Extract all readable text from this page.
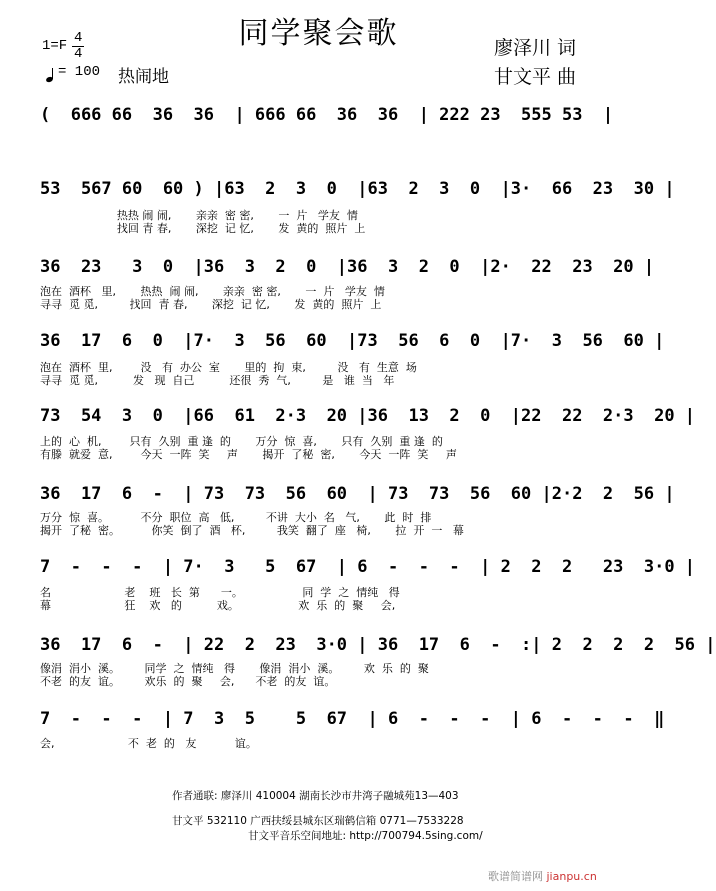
同学聚会歌
1=F 4
4
= 100 热闹地
廖泽川 词
甘文平 曲
(  666 66  36  36  | 666 66  36  36  | 222 23  555 53  |
53  567 60  60 ) |63  2  3  0  |63  2  3  0  |3·  66  23  30 |
热热 闹 闹,       亲亲  密 密,       一  片   学友  情
找回 青 春,       深挖  记 忆,       发  黄的  照片  上
36  23   3  0  |36  3  2  0  |36  3  2  0  |2·  22  23  20 |
泡在  酒杯   里,       热热  闹 闹,       亲亲  密 密,       一  片   学友  情
寻寻  觅 觅,         找回  青 春,       深挖  记 忆,       发  黄的  照片  上
36  17  6  0  |7·  3  56  60  |73  56  6  0  |7·  3  56  60 |
泡在  酒杯  里,        没   有  办公  室       里的  拘  束,         没   有  生意  场
寻寻  觅 觅,          发   现  自己          还很  秀  气,         是   谁  当   年
73  54  3  0  |66  61  2·3  20 |36  13  2  0  |22  22  2·3  20 |
上的  心  机,        只有  久别  重 逢  的       万分  惊  喜,       只有  久别  重 逢  的
有滕  就爱  意,        今天  一阵  笑     声       揭开  了秘  密,       今天  一阵  笑     声
36  17  6  -  | 73  73  56  60  | 73  73  56  60 |2·2  2  56 |
万分  惊  喜。         不分  职位  高   低,         不讲  大小  名   气,       此  时  排
揭开  了秘  密。         你笑  倒了  酒   杯,         我笑  翻了  座   椅,       拉  开  一   幕
7  -  -  -  | 7·  3   5  67  | 6  -  -  -  | 2  2  2   23  3·0 |
名                     老    班   长  第      一。                 同  学  之  情纯   得
幕                     狂    欢   的          戏。                 欢  乐  的  聚     会,
36  17  6  -  | 22  2  23  3·0 | 36  17  6  -  :| 2  2  2  2  56 |
像涓  涓小  溪。       同学  之  情纯   得       像涓  涓小  溪。       欢  乐  的  聚
不老  的友  谊。       欢乐  的  聚     会,      不老  的友  谊。
7  -  -  -  | 7  3  5    5  67  | 6  -  -  -  | 6  -  -  -  ‖
会,                     不  老  的   友           谊。
作者通联: 廖泽川 410004 湖南长沙市井湾子融城苑13—403
甘文平 532110 广西扶绥县城东区瑞鹤信箱 0771—7533228
甘文平音乐空间地址: http://700794.5sing.com/
歌谱简谱网 jianpu.cn
